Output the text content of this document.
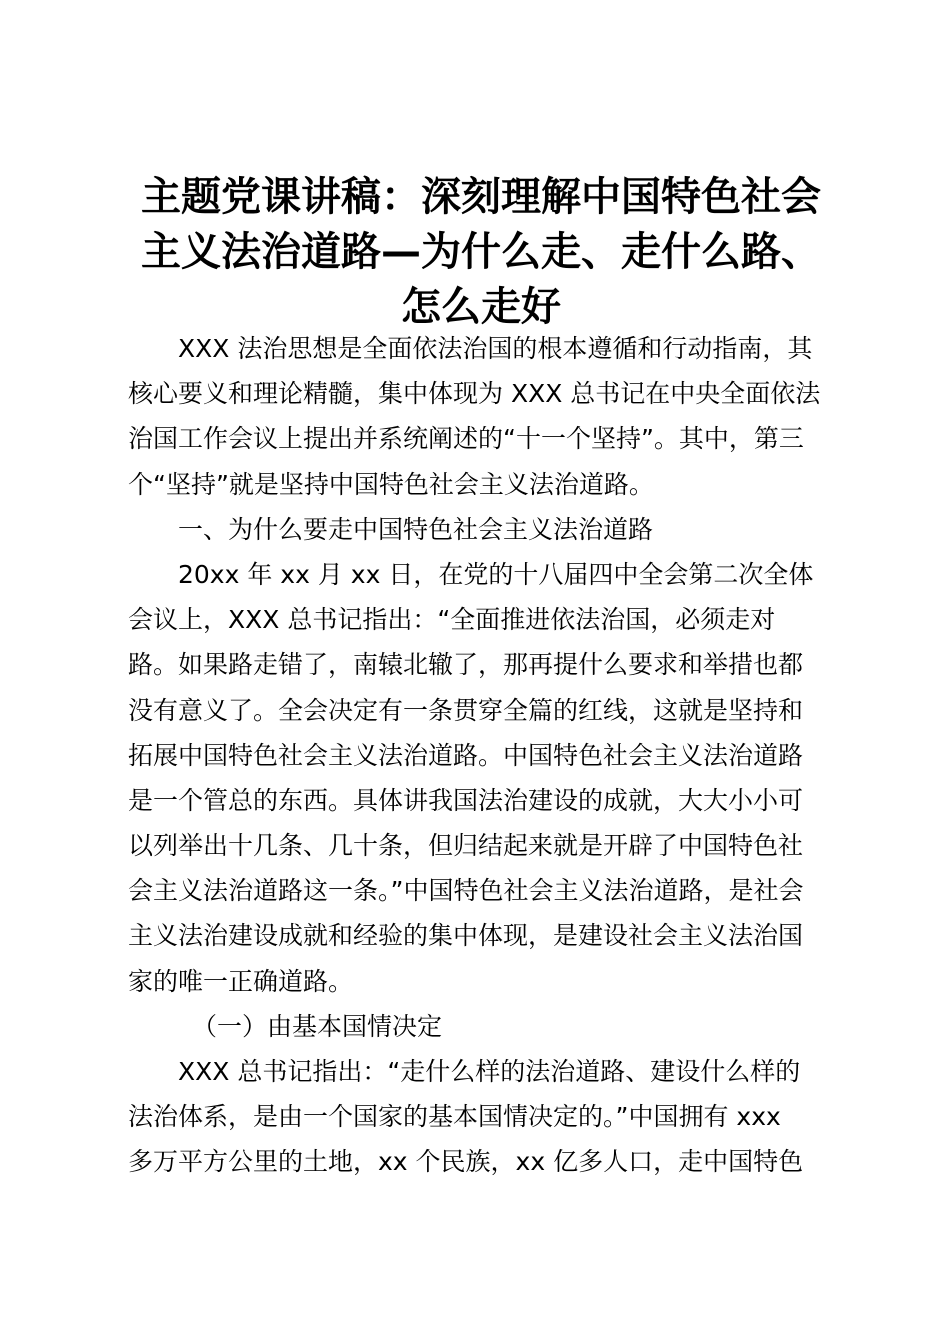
主题党课讲稿：深刻理解中国特色社会
主义法治道路—为什么走、走什么路、
怎么走好
XXX 法治思想是全面依法治国的根本遵循和行动指南，其
核心要义和理论精髓，集中体现为 XXX 总书记在中央全面依法
治国工作会议上提出并系统阐述的“十一个坚持”。其中，第三
个“坚持”就是坚持中国特色社会主义法治道路。
一、为什么要走中国特色社会主义法治道路
20xx 年 xx 月 xx 日，在党的十八届四中全会第二次全体
会议上，XXX 总书记指出：“全面推进依法治国，必须走对
路。如果路走错了，南辕北辙了，那再提什么要求和举措也都
没有意义了。全会决定有一条贯穿全篇的红线，这就是坚持和
拓展中国特色社会主义法治道路。中国特色社会主义法治道路
是一个管总的东西。具体讲我国法治建设的成就，大大小小可
以列举出十几条、几十条，但归结起来就是开辟了中国特色社
会主义法治道路这一条。”中国特色社会主义法治道路，是社会
主义法治建设成就和经验的集中体现，是建设社会主义法治国
家的唯一正确道路。
（一）由基本国情决定
XXX 总书记指出：“走什么样的法治道路、建设什么样的
法治体系，是由一个国家的基本国情决定的。”中国拥有 xxx
多万平方公里的土地，xx 个民族，xx 亿多人口，走中国特色
